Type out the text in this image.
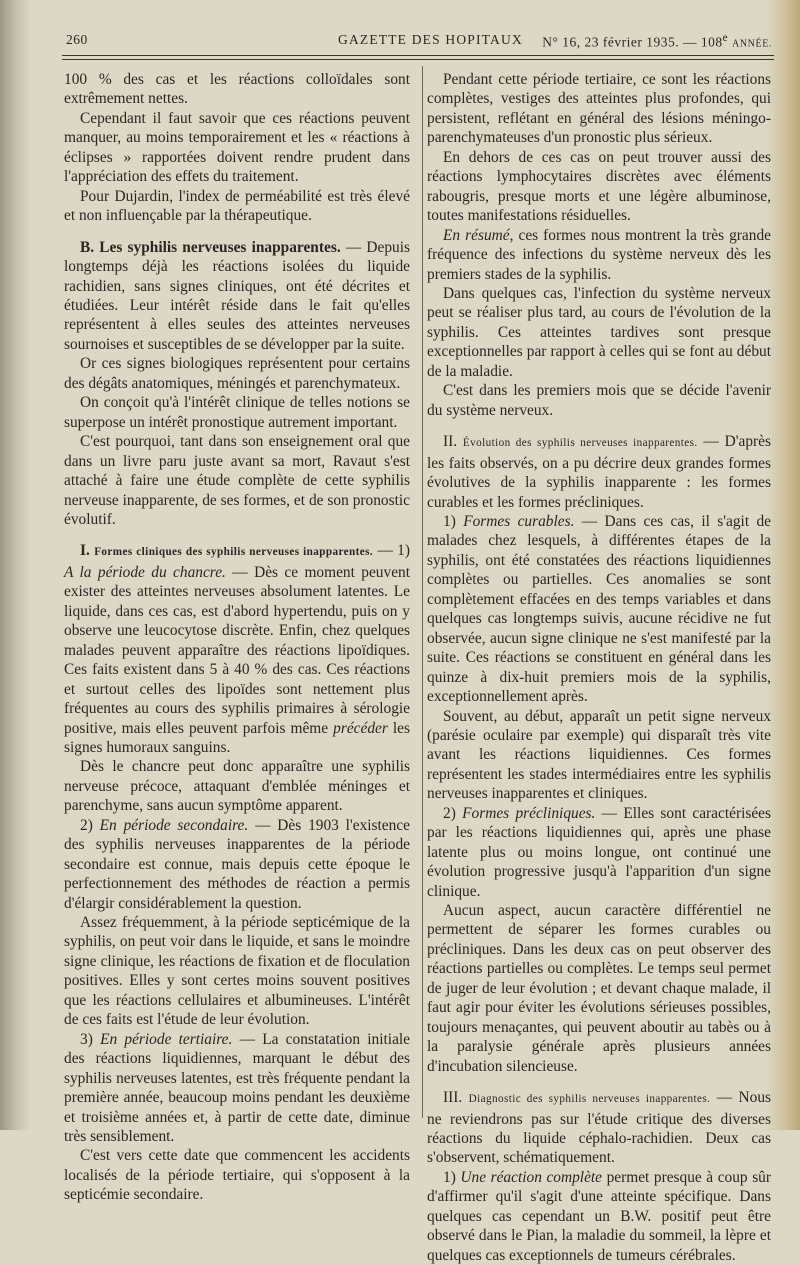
260	GAZETTE DES HOPITAUX N° 16, 23 février 1935. — 108e ANNÉE.

100 % des cas et les réactions colloïdales sont extrêmement nettes.

Cependant il faut savoir que ces réactions peuvent manquer, au moins temporairement et les « réactions à éclipses » rapportées doivent rendre prudent dans l'appréciation des effets du traitement.

Pour Dujardin, l'index de perméabilité est très élevé et non influençable par la thérapeutique.

B. Les syphilis nerveuses inapparentes. — Depuis longtemps déjà les réactions isolées du liquide rachidien, sans signes cliniques, ont été décrites et étudiées. Leur intérêt réside dans le fait qu'elles représentent à elles seules des atteintes nerveuses sournoises et susceptibles de se développer par la suite.

Or ces signes biologiques représentent pour certains des dégâts anatomiques, méningés et parenchymateux.

On conçoit qu'à l'intérêt clinique de telles notions se superpose un intérêt pronostique autrement important.

C'est pourquoi, tant dans son enseignement oral que dans un livre paru juste avant sa mort, Ravaut s'est attaché à faire une étude complète de cette syphilis nerveuse inapparente, de ses formes, et de son pronostic évolutif.

I. Formes cliniques des syphilis nerveuses inapparentes. — 1) A la période du chancre. — Dès ce moment peuvent exister des atteintes nerveuses absolument latentes. Le liquide, dans ces cas, est d'abord hypertendu, puis on y observe une leucocytose discrète. Enfin, chez quelques malades peuvent apparaître des réactions lipoïdiques. Ces faits existent dans 5 à 40 % des cas. Ces réactions et surtout celles des lipoïdes sont nettement plus fréquentes au cours des syphilis primaires à sérologie positive, mais elles peuvent parfois même précéder les signes humoraux sanguins.

Dès le chancre peut donc apparaître une syphilis nerveuse précoce, attaquant d'emblée méninges et parenchyme, sans aucun symptôme apparent.

2) En période secondaire. — Dès 1903 l'existence des syphilis nerveuses inapparentes de la période secondaire est connue, mais depuis cette époque le perfectionnement des méthodes de réaction a permis d'élargir considérablement la question.

Assez fréquemment, à la période septicémique de la syphilis, on peut voir dans le liquide, et sans le moindre signe clinique, les réactions de fixation et de floculation positives. Elles y sont certes moins souvent positives que les réactions cellulaires et albumineuses. L'intérêt de ces faits est l'étude de leur évolution.

3) En période tertiaire. — La constatation initiale des réactions liquidiennes, marquant le début des syphilis nerveuses latentes, est très fréquente pendant la première année, beaucoup moins pendant les deuxième et troisième années et, à partir de cette date, diminue très sensiblement.

C'est vers cette date que commencent les accidents localisés de la période tertiaire, qui s'opposent à la septicémie secondaire.

Pendant cette période tertiaire, ce sont les réactions complètes, vestiges des atteintes plus profondes, qui persistent, reflétant en général des lésions méningo-parenchymateuses d'un pronostic plus sérieux.

En dehors de ces cas on peut trouver aussi des réactions lymphocytaires discrètes avec éléments rabougris, presque morts et une légère albuminose, toutes manifestations résiduelles.

En résumé, ces formes nous montrent la très grande fréquence des infections du système nerveux dès les premiers stades de la syphilis.

Dans quelques cas, l'infection du système nerveux peut se réaliser plus tard, au cours de l'évolution de la syphilis. Ces atteintes tardives sont presque exceptionnelles par rapport à celles qui se font au début de la maladie.

C'est dans les premiers mois que se décide l'avenir du système nerveux.

II. Évolution des syphilis nerveuses inapparentes. — D'après les faits observés, on a pu décrire deux grandes formes évolutives de la syphilis inapparente : les formes curables et les formes précliniques.

1) Formes curables. — Dans ces cas, il s'agit de malades chez lesquels, à différentes étapes de la syphilis, ont été constatées des réactions liquidiennes complètes ou partielles. Ces anomalies se sont complètement effacées en des temps variables et dans quelques cas longtemps suivis, aucune récidive ne fut observée, aucun signe clinique ne s'est manifesté par la suite. Ces réactions se constituent en général dans les quinze à dix-huit premiers mois de la syphilis, exceptionnellement après.

Souvent, au début, apparaît un petit signe nerveux (parésie oculaire par exemple) qui disparaît très vite avant les réactions liquidiennes. Ces formes représentent les stades intermédiaires entre les syphilis nerveuses inapparentes et cliniques.

2) Formes précliniques. — Elles sont caractérisées par les réactions liquidiennes qui, après une phase latente plus ou moins longue, ont continué une évolution progressive jusqu'à l'apparition d'un signe clinique.

Aucun aspect, aucun caractère différentiel ne permettent de séparer les formes curables ou précliniques. Dans les deux cas on peut observer des réactions partielles ou complètes. Le temps seul permet de juger de leur évolution ; et devant chaque malade, il faut agir pour éviter les évolutions sérieuses possibles, toujours menaçantes, qui peuvent aboutir au tabès ou à la paralysie générale après plusieurs années d'incubation silencieuse.

III. Diagnostic des syphilis nerveuses inapparentes. — Nous ne reviendrons pas sur l'étude critique des diverses réactions du liquide céphalo-rachidien. Deux cas s'observent, schématiquement.

1) Une réaction complète permet presque à coup sûr d'affirmer qu'il s'agit d'une atteinte spécifique. Dans quelques cas cependant un B.W. positif peut être observé dans le Pian, la maladie du sommeil, la lèpre et quelques cas exceptionnels de tumeurs cérébrales.
